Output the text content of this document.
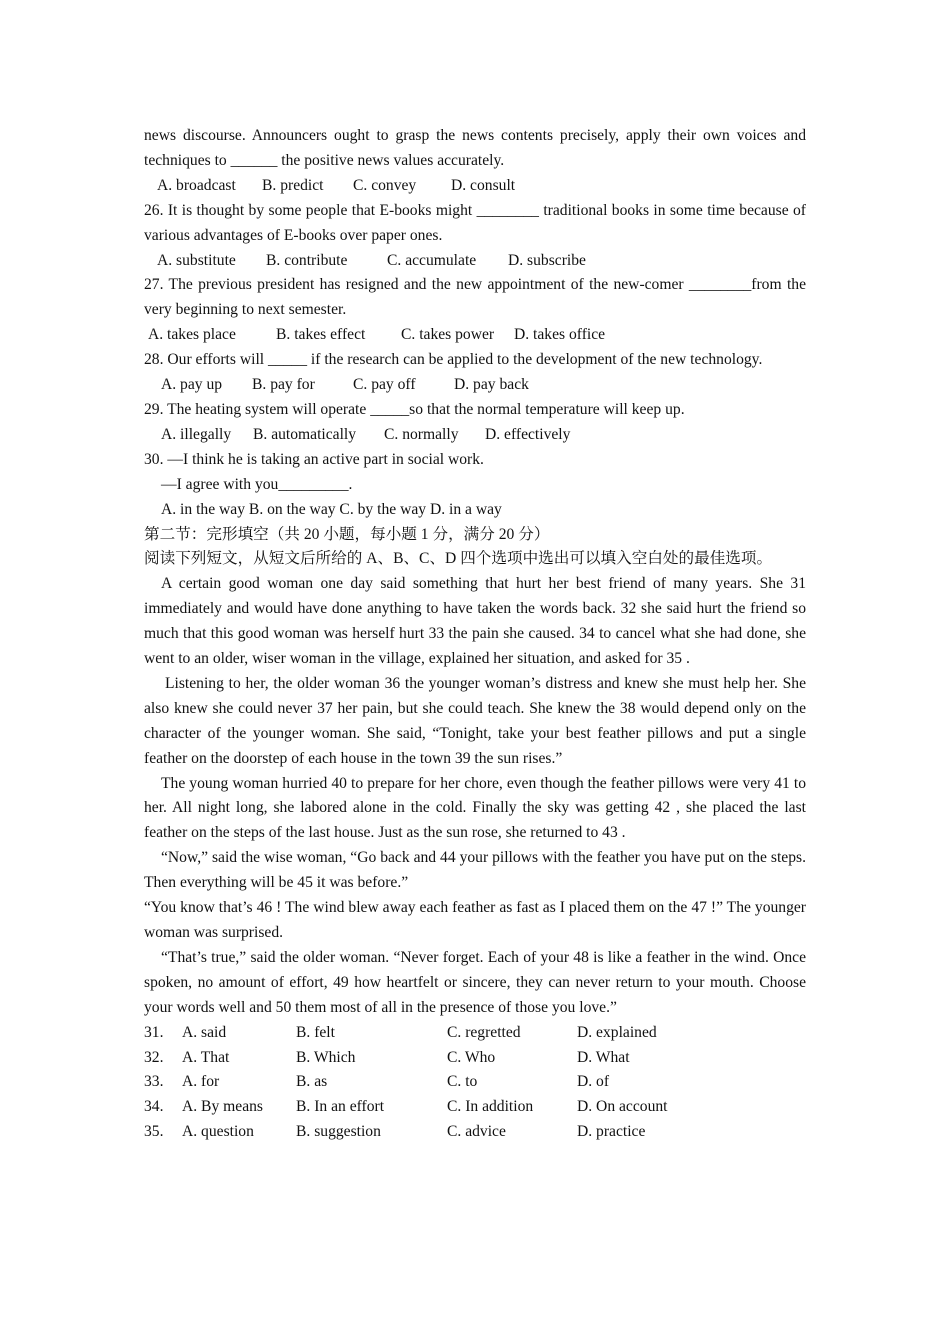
news discourse. Announcers ought to grasp the news contents precisely, apply their own voices and techniques to ______ the positive news values accurately.
A. broadcast	B. predict	C. convey	D. consult
26. It is thought by some people that E-books might ________ traditional books in some time because of various advantages of E-books over paper ones.
A. substitute	B. contribute	C. accumulate	D. subscribe
27. The previous president has resigned and the new appointment of the new-comer ________from the very beginning to next semester.
A. takes place	B. takes effect	C. takes power	D. takes office
28. Our efforts will _____ if the research can be applied to the development of the new technology.
A. pay up	B. pay for	C. pay off	D. pay back
29. The heating system will operate _____so that the normal temperature will keep up.
A. illegally	B. automatically	C. normally	D. effectively
30. —I think he is taking an active part in social work.
—I agree with you_________.
A. in the way B. on the way C. by the way D. in a way
第二节：完形填空（共 20 小题，每小题 1 分，满分 20 分）
阅读下列短文，从短文后所给的 A、B、C、D 四个选项中选出可以填入空白处的最佳选项。
A certain good woman one day said something that hurt her best friend of many years. She 31 immediately and would have done anything to have taken the words back. 32 she said hurt the friend so much that this good woman was herself hurt 33 the pain she caused. 34 to cancel what she had done, she went to an older, wiser woman in the village, explained her situation, and asked for 35 .
Listening to her, the older woman 36 the younger woman’s distress and knew she must help her. She also knew she could never 37 her pain, but she could teach. She knew the 38 would depend only on the character of the younger woman. She said, “Tonight, take your best feather pillows and put a single feather on the doorstep of each house in the town 39 the sun rises.”
The young woman hurried 40 to prepare for her chore, even though the feather pillows were very 41 to her. All night long, she labored alone in the cold. Finally the sky was getting 42 , she placed the last feather on the steps of the last house. Just as the sun rose, she returned to 43 .
“Now,” said the wise woman, “Go back and 44 your pillows with the feather you have put on the steps. Then everything will be 45 it was before.”
“You know that’s 46 ! The wind blew away each feather as fast as I placed them on the 47 !” The younger woman was surprised.
“That’s true,” said the older woman. “Never forget. Each of your 48 is like a feather in the wind. Once spoken, no amount of effort, 49 how heartfelt or sincere, they can never return to your mouth. Choose your words well and 50 them most of all in the presence of those you love.”
31.	A. said	B. felt	C. regretted	D. explained
32.	A. That	B. Which	C. Who	D. What
33.	A. for	B. as	C. to	D. of
34.	A. By means	B. In an effort	C. In addition	D. On account
35.	A. question	B. suggestion	C. advice	D. practice
